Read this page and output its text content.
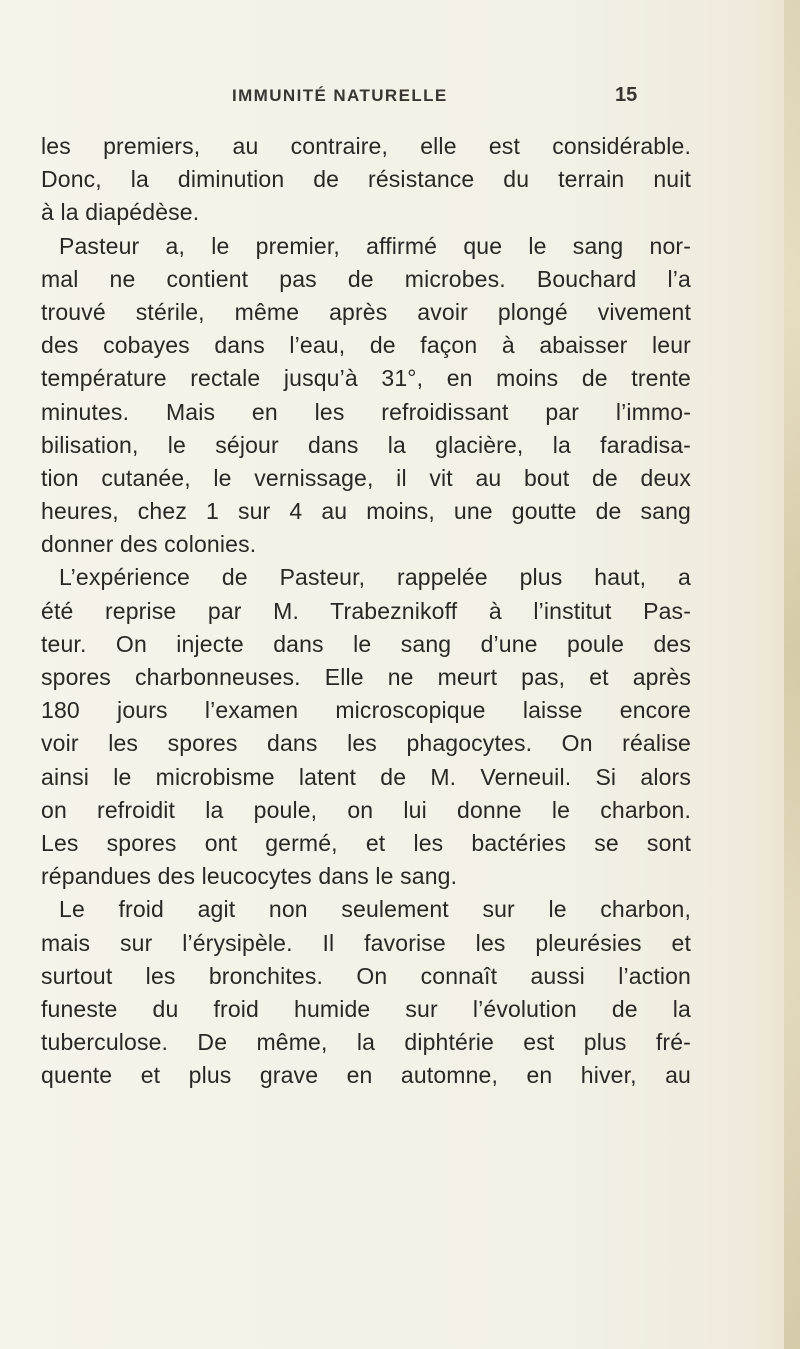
IMMUNITÉ NATURELLE	15
les premiers, au contraire, elle est considérable.
Donc, la diminution de résistance du terrain nuit
à la diapédèse.
Pasteur a, le premier, affirmé que le sang nor-
mal ne contient pas de microbes. Bouchard l’a
trouvé stérile, même après avoir plongé vivement
des cobayes dans l’eau, de façon à abaisser leur
température rectale jusqu’à 31°, en moins de trente
minutes. Mais en les refroidissant par l’immo-
bilisation, le séjour dans la glacière, la faradisa-
tion cutanée, le vernissage, il vit au bout de deux
heures, chez 1 sur 4 au moins, une goutte de sang
donner des colonies.
L’expérience de Pasteur, rappelée plus haut, a
été reprise par M. Trabeznikoff à l’institut Pas-
teur. On injecte dans le sang d’une poule des
spores charbonneuses. Elle ne meurt pas, et après
180 jours l’examen microscopique laisse encore
voir les spores dans les phagocytes. On réalise
ainsi le microbisme latent de M. Verneuil. Si alors
on refroidit la poule, on lui donne le charbon.
Les spores ont germé, et les bactéries se sont
répandues des leucocytes dans le sang.
Le froid agit non seulement sur le charbon,
mais sur l’érysipèle. Il favorise les pleurésies et
surtout les bronchites. On connaît aussi l’action
funeste du froid humide sur l’évolution de la
tuberculose. De même, la diphtérie est plus fré-
quente et plus grave en automne, en hiver, au
